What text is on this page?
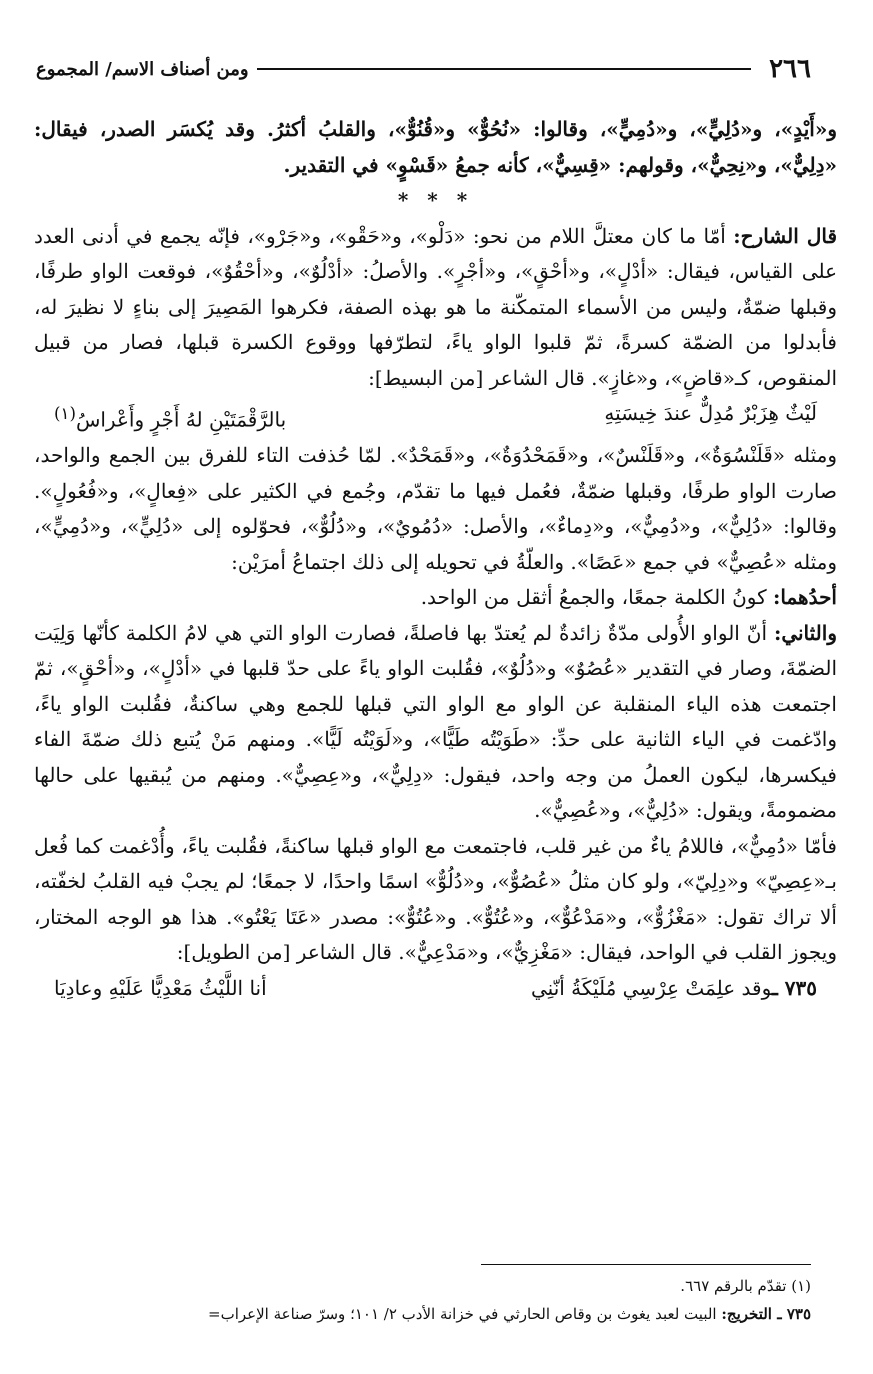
٢٦٦
ومن أصناف الاسم/ المجموع

و«أَيْدٍ»، و«دُلِيٍّ»، و«دُمِيٍّ»، وقالوا: «نُحُوٌّ» و«قُنُوٌّ»، والقلبُ أكثرُ. وقد يُكسَر الصدر، فيقال: «دِلِيٌّ»، و«نِحِيٌّ»، وقولهم: «قِسِيٌّ»، كأنه جمعُ «قَسْوٍ» في التقدير.

* * *

قال الشارح: أمّا ما كان معتلَّ اللام من نحو: «دَلْو»، و«حَقْو»، و«جَرْو»، فإنّه يجمع في أدنى العدد على القياس، فيقال: «أدْلٍ»، و«أحْقٍ»، و«أجْرٍ». والأصلُ: «أدْلُوٌ»، و«أحْقُوٌ»، فوقعت الواو طرفًا، وقبلها ضمّةٌ، وليس من الأسماء المتمكّنة ما هو بهذه الصفة، فكرهوا المَصِيرَ إلى بناءٍ لا نظيرَ له، فأبدلوا من الضمّة كسرةً، ثمّ قلبوا الواو ياءً، لتطرّفها ووقوع الكسرة قبلها، فصار من قبيل المنقوص، كـ«قاضٍ»، و«غازٍ». قال الشاعر [من البسيط]:

لَيْثٌ هِزَبْرٌ مُدِلٌّ عندَ خِيسَتِهِ
بالرَّقْمَتَيْنِ لهُ أَجْرٍ وأَعْراسُ$^{(١)}$

ومثله «قَلَنْسُوَةٌ»، و«قَلَنْسٌ»، و«قَمَحْدُوَةٌ»، و«قَمَحْدٌ». لمّا حُذفت التاء للفرق بين الجمع والواحد، صارت الواو طرفًا، وقبلها ضمّةٌ، فعُمل فيها ما تقدّم، وجُمع في الكثير على «فِعالٍ»، و«فُعُولٍ». وقالوا: «دُلِيٌّ»، و«دُمِيٌّ»، و«دِماءٌ»، والأصل: «دُمُويٌ»، و«دُلُوٌّ»، فحوّلوه إلى «دُلِيٍّ»، و«دُمِيٍّ»، ومثله «عُصِيٌّ» في جمع «عَصًا». والعلّةُ في تحويله إلى ذلك اجتماعُ أمرَيْن:

أحدُهما: كونُ الكلمة جمعًا، والجمعُ أثقل من الواحد.

والثاني: أنّ الواو الأُولى مدّةٌ زائدةٌ لم يُعتدّ بها فاصلةً، فصارت الواو التي هي لامُ الكلمة كأنّها وَلِيَت الضمّةَ، وصار في التقدير «عُصُوٌ» و«دُلُوٌ»، فقُلبت الواو ياءً على حدّ قلبها في «أدْلٍ»، و«أحْقٍ»، ثمّ اجتمعت هذه الياء المنقلبة عن الواو مع الواو التي قبلها للجمع وهي ساكنةٌ، فقُلبت الواو ياءً، وادّغمت في الياء الثانية على حدِّ: «طَوَيْتُه طَيًّا»، و«لَوَيْتُه لَيًّا». ومنهم مَنْ يُتبع ذلك ضمّةَ الفاء فيكسرها، ليكون العملُ من وجه واحد، فيقول: «دِلِيٌّ»، و«عِصِيٌّ». ومنهم من يُبقيها على حالها مضمومةً، ويقول: «دُلِيٌّ»، و«عُصِيٌّ».

فأمّا «دُمِيٌّ»، فاللامُ ياءٌ من غير قلب، فاجتمعت مع الواو قبلها ساكنةً، فقُلبت ياءً، وأُدْغمت كما فُعل بـ«عِصِيّ» و«دِلِيّ»، ولو كان مثلُ «عُصُوٌّ»، و«دُلُوٌّ» اسمًا واحدًا، لا جمعًا؛ لم يجبْ فيه القلبُ لخفّته، ألا تراك تقول: «مَغْزُوٌّ»، و«مَدْعُوٌّ»، و«عُتُوٌّ». و«عُتُوٌّ»: مصدر «عَتَا يَعْتُو». هذا هو الوجه المختار، ويجوز القلب في الواحد، فيقال: «مَغْزِيٌّ»، و«مَدْعِيٌّ». قال الشاعر [من الطويل]:

٧٣٥ ـوقد علِمَتْ عِرْسِي مُلَيْكَةُ أنّنِي
أنا اللَّيْثُ مَعْدِيًّا عَلَيْهِ وعادِيَا

(١) تقدّم بالرقم ٦٦٧.

٧٣٥ ـ التخريج: البيت لعبد يغوث بن وقاص الحارثي في خزانة الأدب ٢/ ١٠١؛ وسرّ صناعة الإعراب=
